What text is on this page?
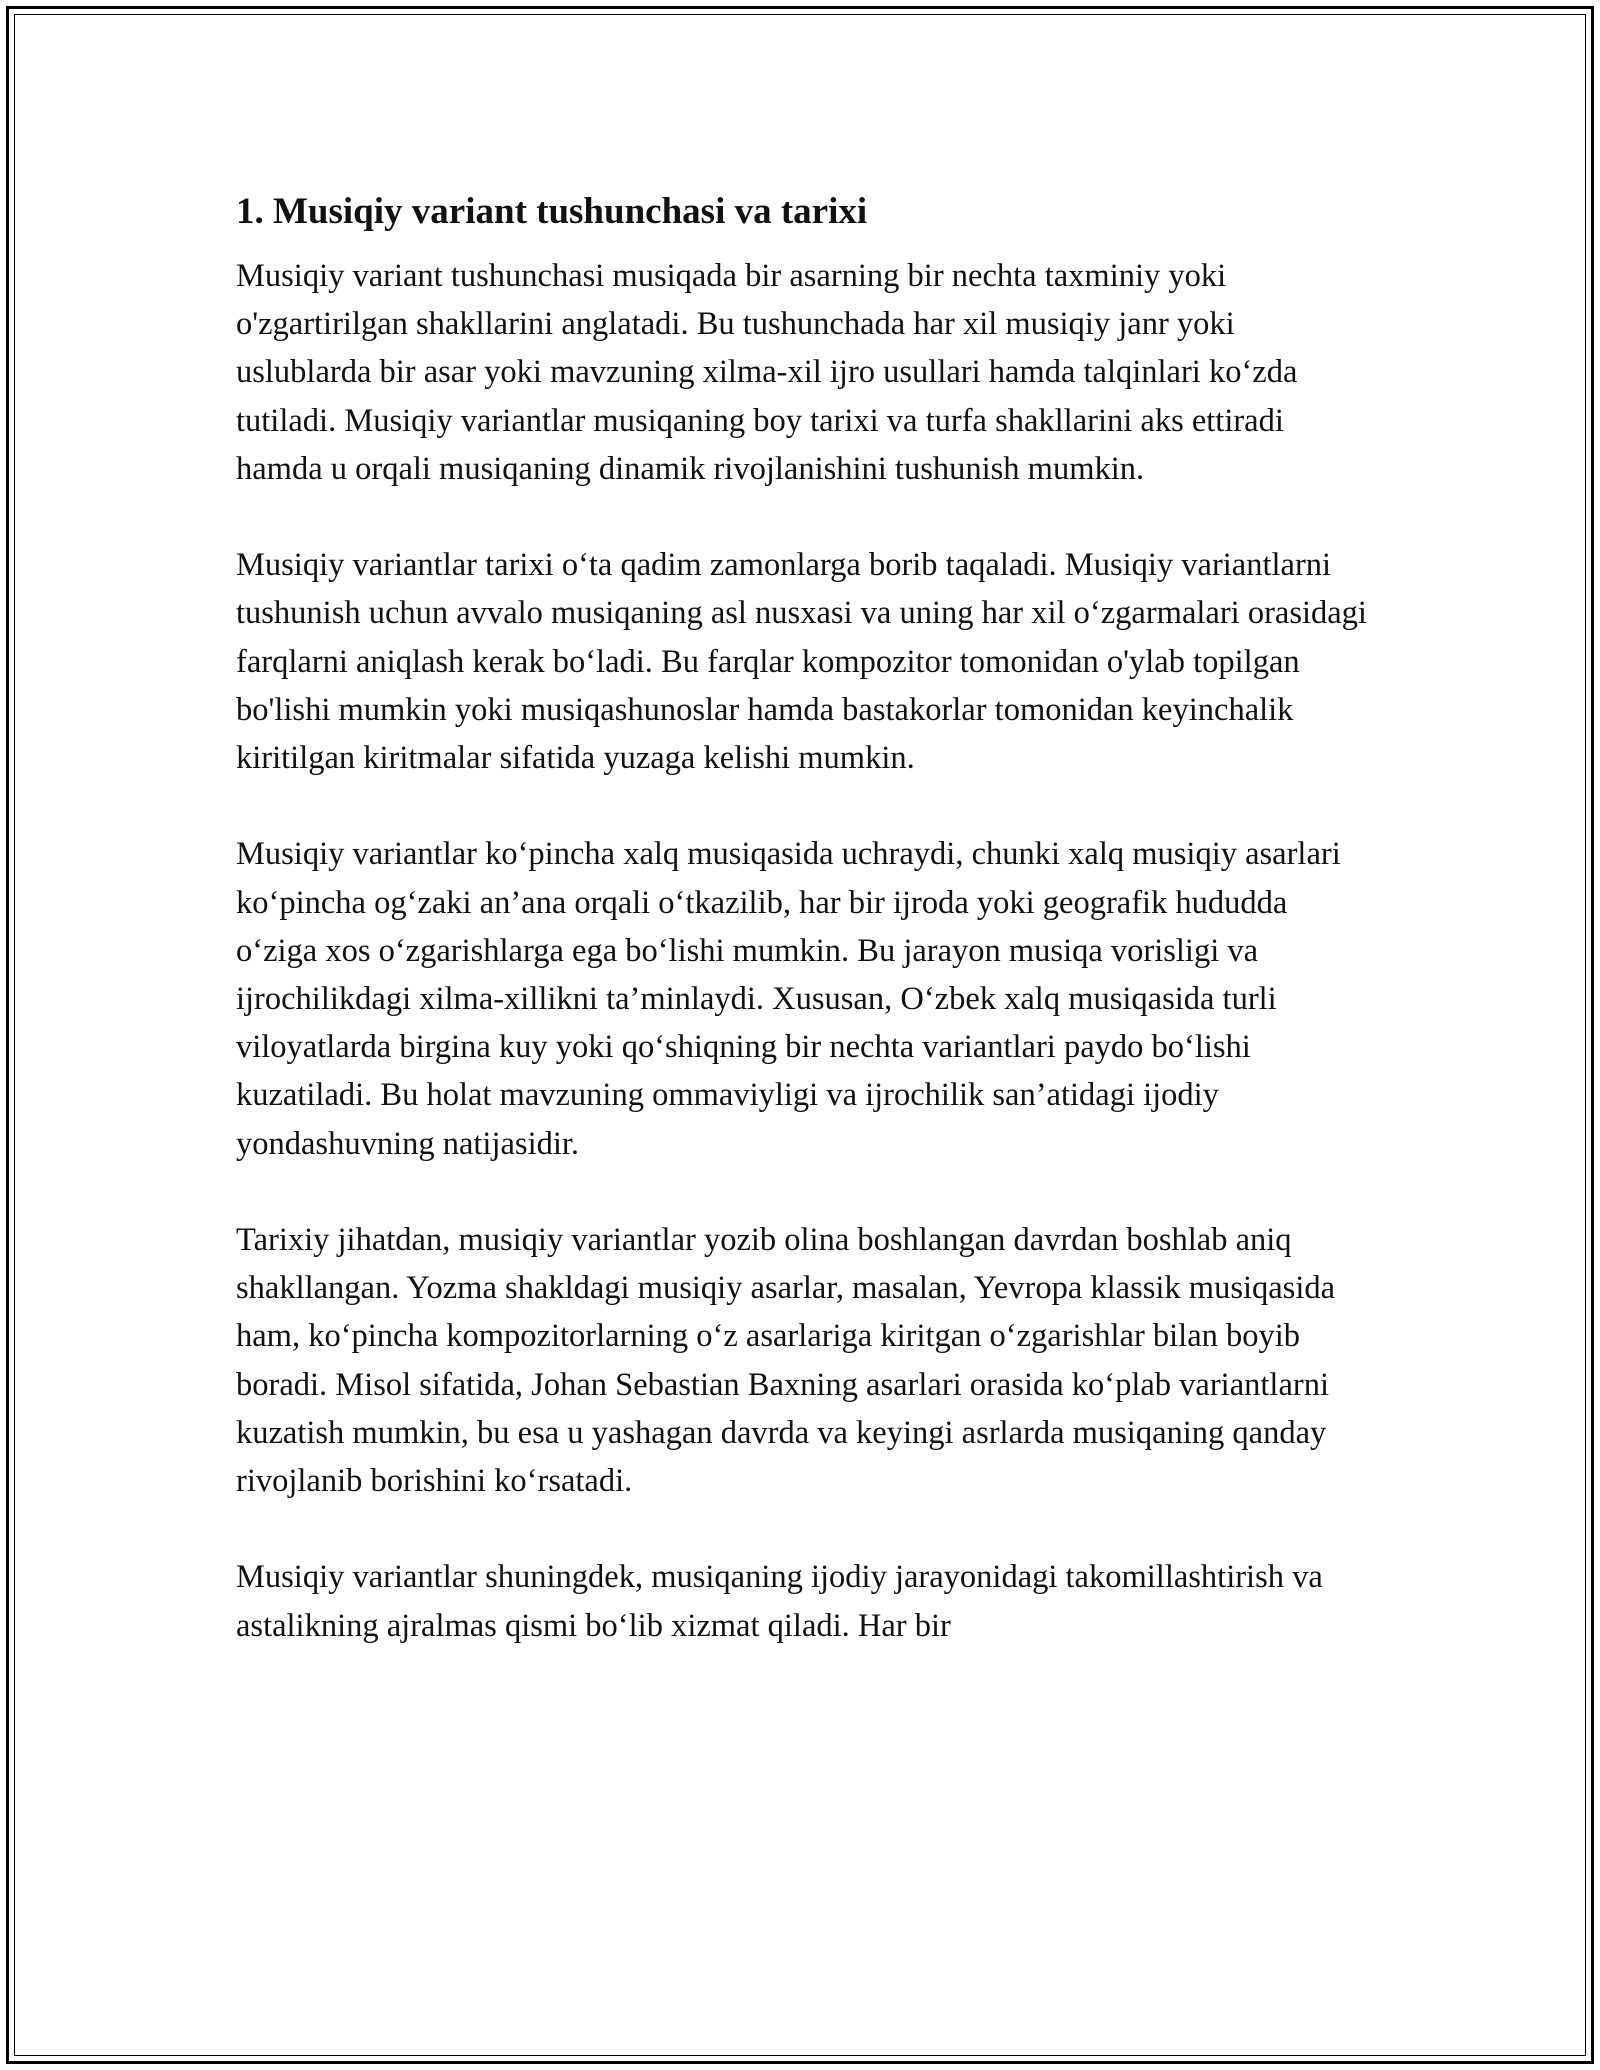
1. Musiqiy variant tushunchasi va tarixi

Musiqiy variant tushunchasi musiqada bir asarning bir nechta taxminiy yoki o'zgartirilgan shakllarini anglatadi. Bu tushunchada har xil musiqiy janr yoki uslublarda bir asar yoki mavzuning xilma-xil ijro usullari hamda talqinlari koʻzda tutiladi. Musiqiy variantlar musiqaning boy tarixi va turfa shakllarini aks ettiradi hamda u orqali musiqaning dinamik rivojlanishini tushunish mumkin.

Musiqiy variantlar tarixi oʻta qadim zamonlarga borib taqaladi. Musiqiy variantlarni tushunish uchun avvalo musiqaning asl nusxasi va uning har xil oʻzgarmalari orasidagi farqlarni aniqlash kerak boʻladi. Bu farqlar kompozitor tomonidan o'ylab topilgan bo'lishi mumkin yoki musiqashunoslar hamda bastakorlar tomonidan keyinchalik kiritilgan kiritmalar sifatida yuzaga kelishi mumkin.

Musiqiy variantlar koʻpincha xalq musiqasida uchraydi, chunki xalq musiqiy asarlari koʻpincha ogʻzaki an’ana orqali oʻtkazilib, har bir ijroda yoki geografik hududda oʻziga xos oʻzgarishlarga ega boʻlishi mumkin. Bu jarayon musiqa vorisligi va ijrochilikdagi xilma-xillikni ta’minlaydi. Xususan, Oʻzbek xalq musiqasida turli viloyatlarda birgina kuy yoki qoʻshiqning bir nechta variantlari paydo boʻlishi kuzatiladi. Bu holat mavzuning ommaviyligi va ijrochilik san’atidagi ijodiy yondashuvning natijasidir.

Tarixiy jihatdan, musiqiy variantlar yozib olina boshlangan davrdan boshlab aniq shakllangan. Yozma shakldagi musiqiy asarlar, masalan, Yevropa klassik musiqasida ham, koʻpincha kompozitorlarning oʻz asarlariga kiritgan oʻzgarishlar bilan boyib boradi. Misol sifatida, Johan Sebastian Baxning asarlari orasida koʻplab variantlarni kuzatish mumkin, bu esa u yashagan davrda va keyingi asrlarda musiqaning qanday rivojlanib borishini koʻrsatadi.

Musiqiy variantlar shuningdek, musiqaning ijodiy jarayonidagi takomillashtirish va astalikning ajralmas qismi boʻlib xizmat qiladi. Har bir
